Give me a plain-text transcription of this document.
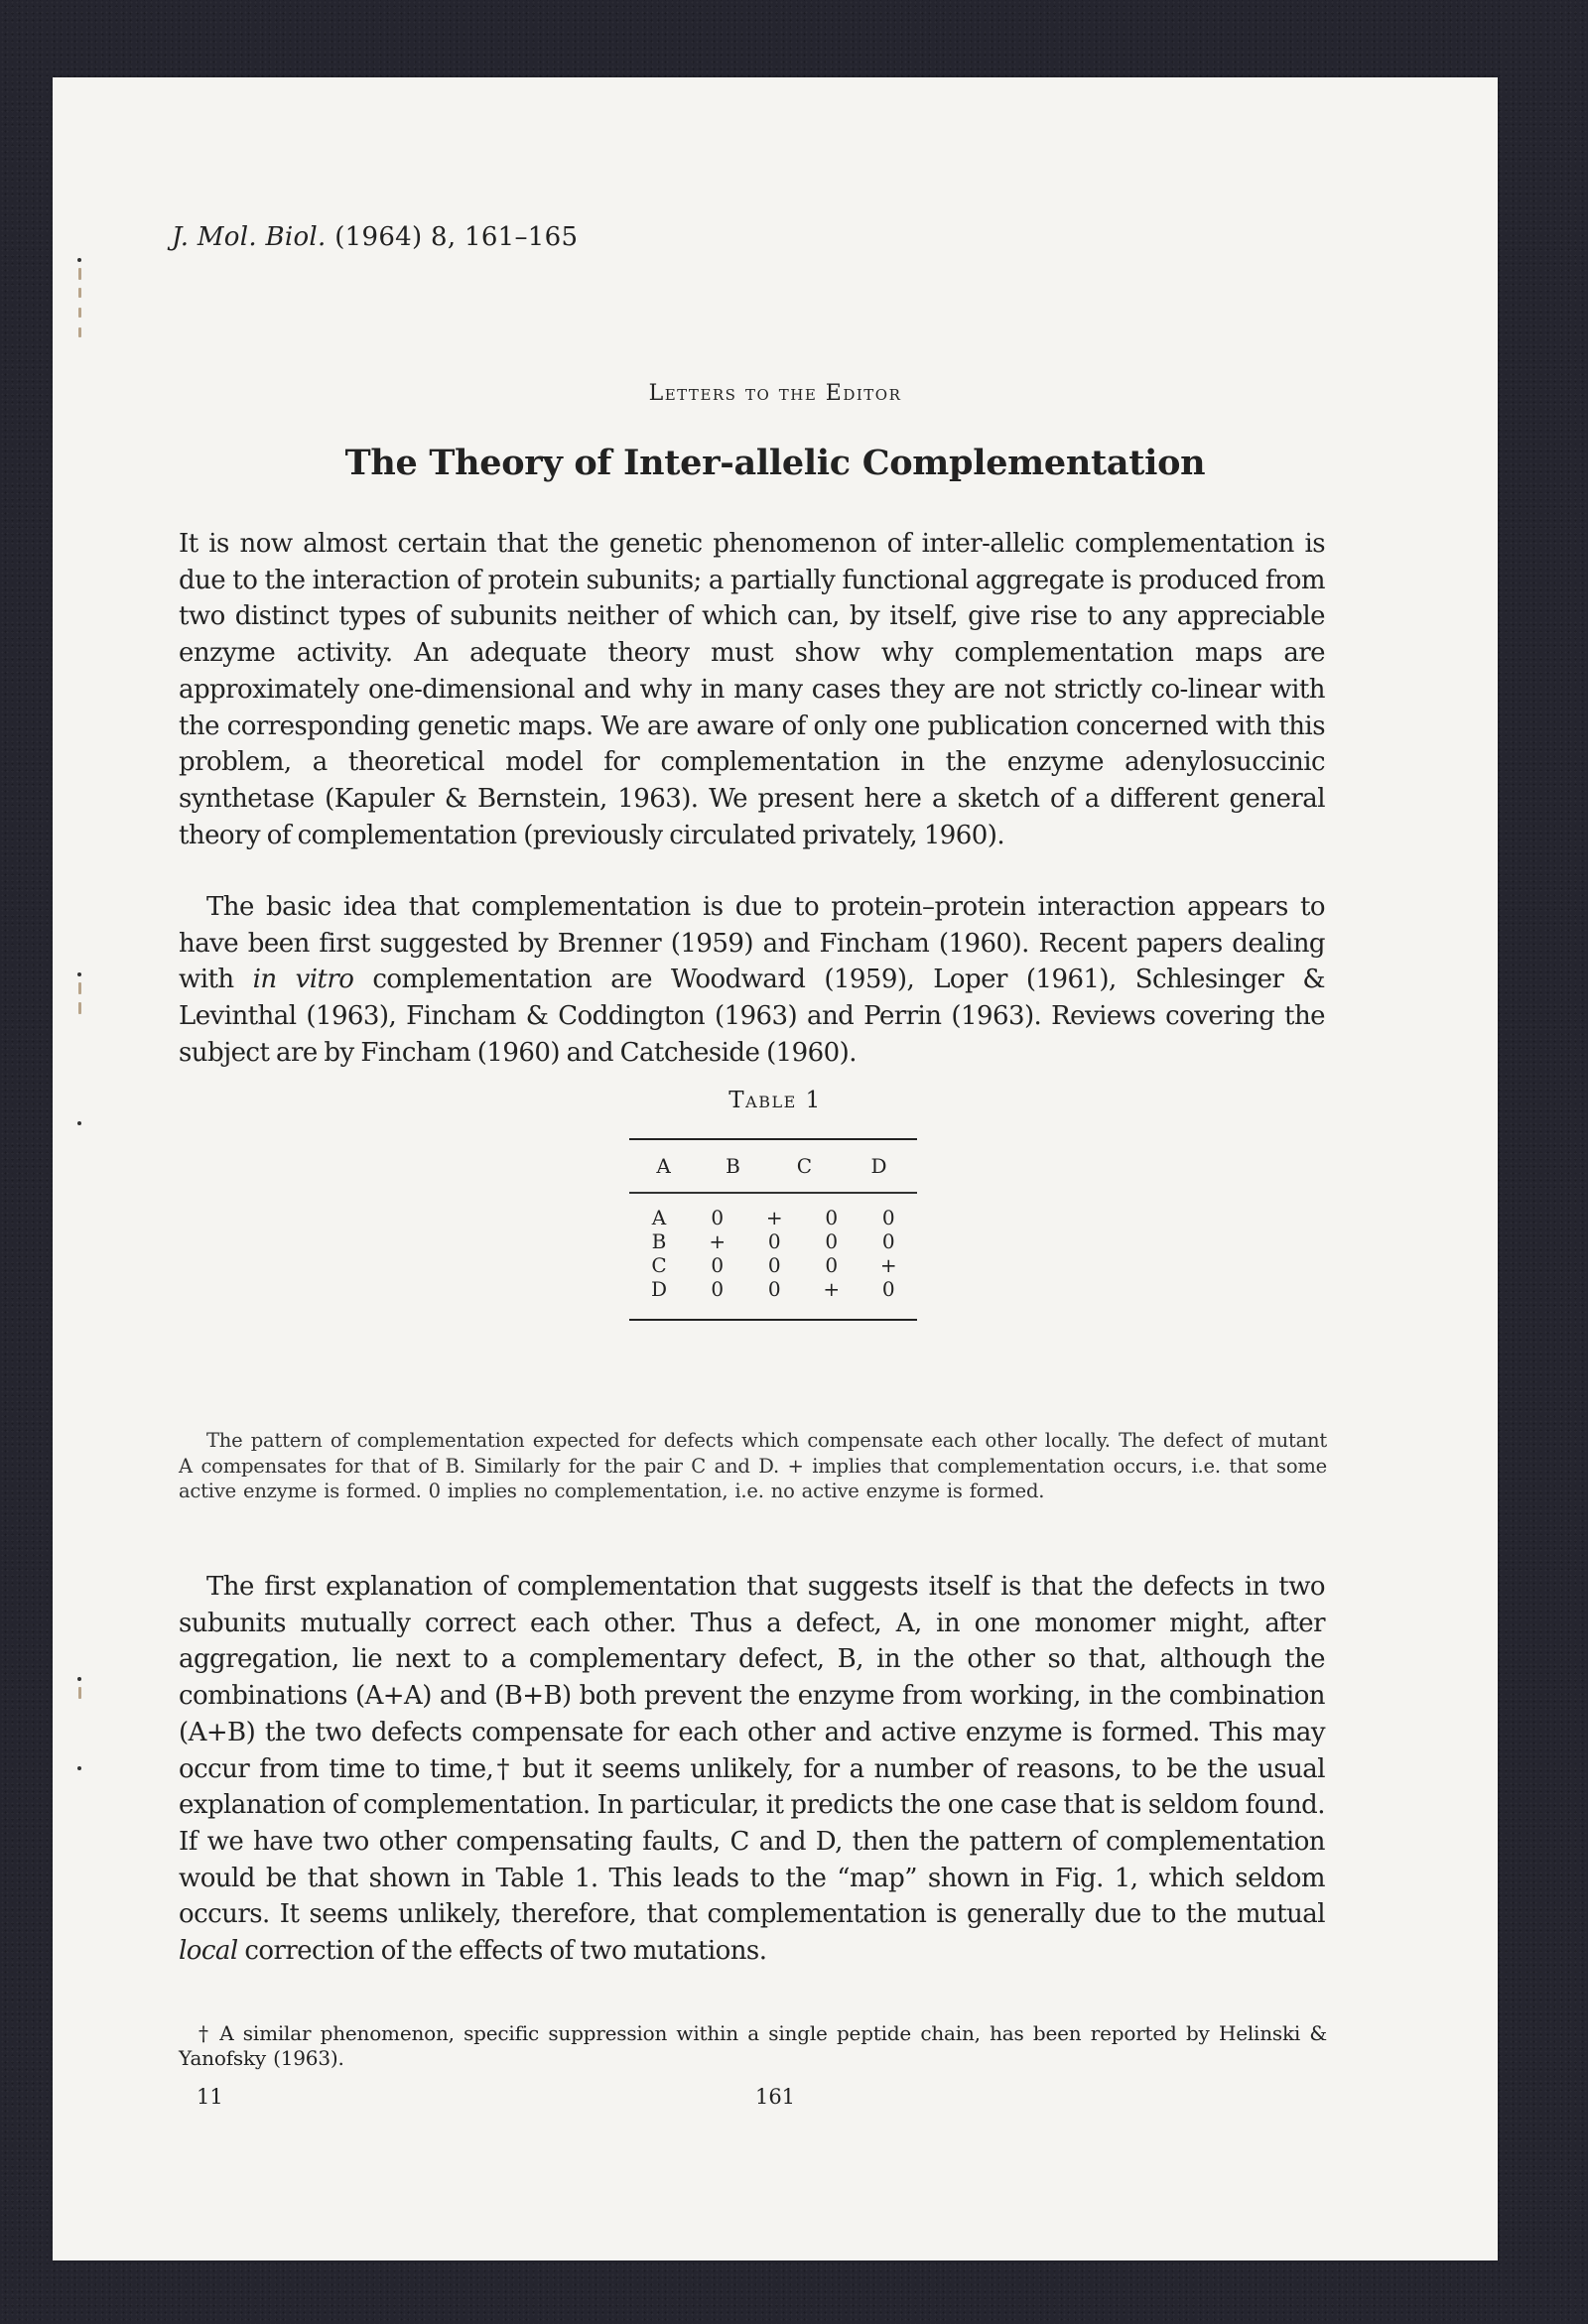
J. Mol. Biol. (1964) 8, 161–165
Letters to the Editor
The Theory of Inter-allelic Complementation

It is now almost certain that the genetic phenomenon of inter-allelic complementation is due to the interaction of protein subunits; a partially functional aggregate is produced from two distinct types of subunits neither of which can, by itself, give rise to any appreciable enzyme activity. An adequate theory must show why complementation maps are approximately one-dimensional and why in many cases they are not strictly co-linear with the corresponding genetic maps. We are aware of only one publication concerned with this problem, a theoretical model for complementation in the enzyme adenylosuccinic synthetase (Kapuler & Bernstein, 1963). We present here a sketch of a different general theory of complementation (previously circulated privately, 1960).

The basic idea that complementation is due to protein–protein interaction appears to have been first suggested by Brenner (1959) and Fincham (1960). Recent papers dealing with in vitro complementation are Woodward (1959), Loper (1961), Schlesinger & Levinthal (1963), Fincham & Coddington (1963) and Perrin (1963). Reviews covering the subject are by Fincham (1960) and Catcheside (1960).

Table 1
	A	B	C	D
A	0	+	0	0
B	+	0	0	0
C	0	0	0	+
D	0	0	+	0

The pattern of complementation expected for defects which compensate each other locally. The defect of mutant A compensates for that of B. Similarly for the pair C and D. + implies that complementation occurs, i.e. that some active enzyme is formed. 0 implies no complementation, i.e. no active enzyme is formed.

The first explanation of complementation that suggests itself is that the defects in two subunits mutually correct each other. Thus a defect, A, in one monomer might, after aggregation, lie next to a complementary defect, B, in the other so that, although the combinations (A+A) and (B+B) both prevent the enzyme from working, in the combination (A+B) the two defects compensate for each other and active enzyme is formed. This may occur from time to time,† but it seems unlikely, for a number of reasons, to be the usual explanation of complementation. In particular, it predicts the one case that is seldom found. If we have two other compensating faults, C and D, then the pattern of complementation would be that shown in Table 1. This leads to the “map” shown in Fig. 1, which seldom occurs. It seems unlikely, therefore, that complementation is generally due to the mutual local correction of the effects of two mutations.

† A similar phenomenon, specific suppression within a single peptide chain, has been reported by Helinski & Yanofsky (1963).

11	161
